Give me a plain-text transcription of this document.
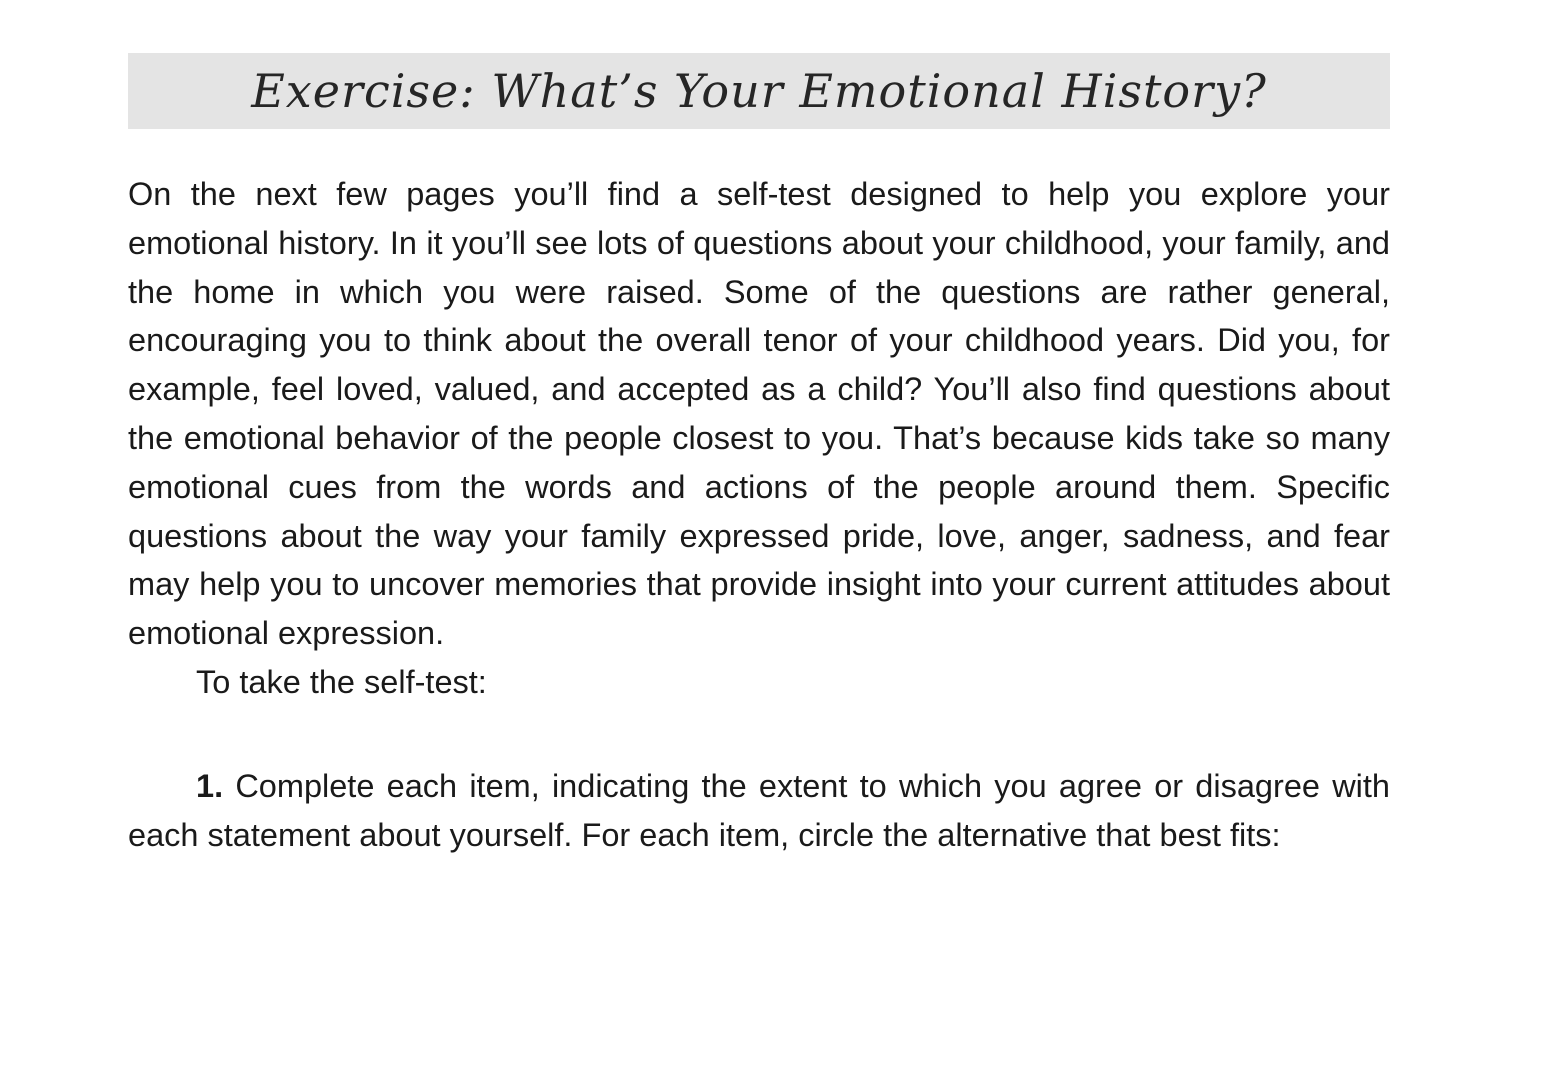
Exercise: What’s Your Emotional History?

On the next few pages you’ll find a self-test designed to help you explore your emotional history. In it you’ll see lots of questions about your childhood, your family, and the home in which you were raised. Some of the questions are rather general, encouraging you to think about the overall tenor of your childhood years. Did you, for example, feel loved, valued, and accepted as a child? You’ll also find questions about the emotional behavior of the people closest to you. That’s because kids take so many emotional cues from the words and actions of the people around them. Specific questions about the way your family expressed pride, love, anger, sadness, and fear may help you to uncover memories that provide insight into your current attitudes about emotional expression.

To take the self-test:

1. Complete each item, indicating the extent to which you agree or disagree with each statement about yourself. For each item, circle the alternative that best fits:
